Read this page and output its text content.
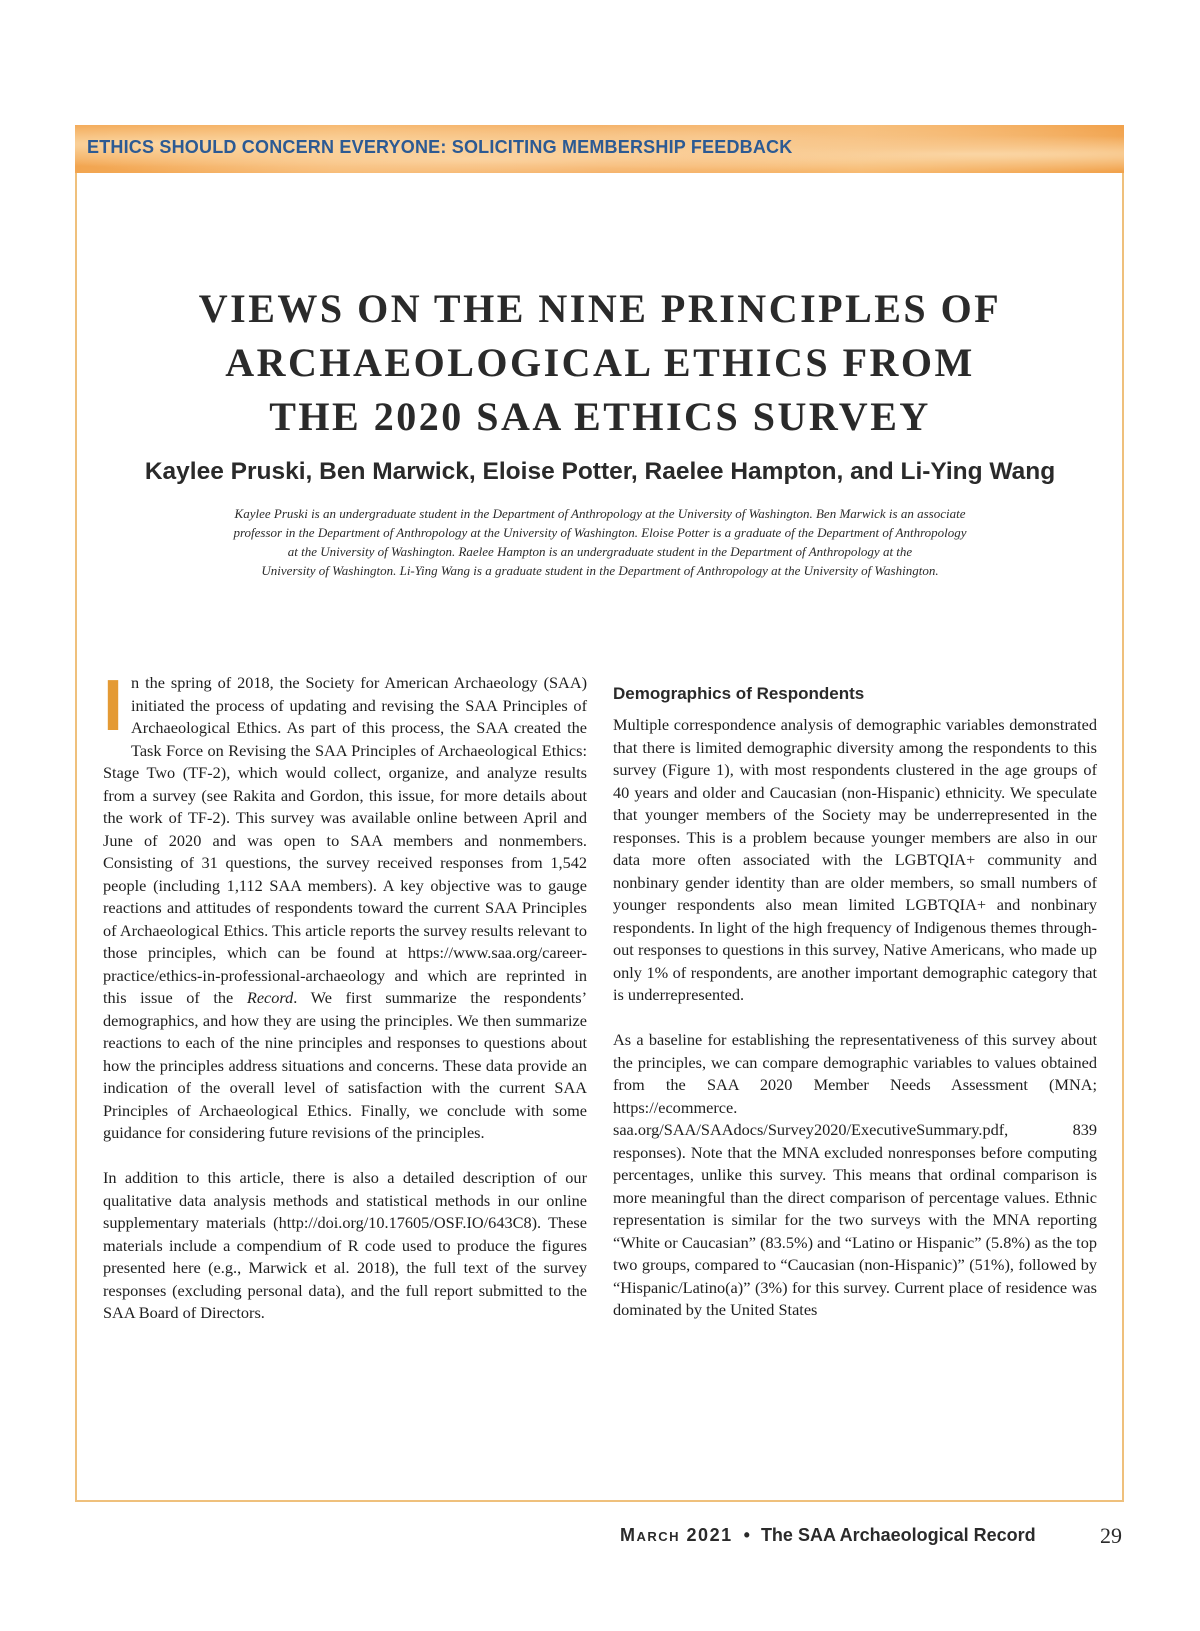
ETHICS SHOULD CONCERN EVERYONE: SOLICITING MEMBERSHIP FEEDBACK
VIEWS ON THE NINE PRINCIPLES OF
ARCHAEOLOGICAL ETHICS FROM
THE 2020 SAA ETHICS SURVEY
Kaylee Pruski, Ben Marwick, Eloise Potter, Raelee Hampton, and Li-Ying Wang
Kaylee Pruski is an undergraduate student in the Department of Anthropology at the University of Washington. Ben Marwick is an associate
professor in the Department of Anthropology at the University of Washington. Eloise Potter is a graduate of the Department of Anthropology
at the University of Washington. Raelee Hampton is an undergraduate student in the Department of Anthropology at the
University of Washington. Li-Ying Wang is a graduate student in the Department of Anthropology at the University of Washington.

In the spring of 2018, the Society for American Archaeology (SAA) initiated the process of updating and revising the SAA Principles of Archaeological Ethics. As part of this process, the SAA created the Task Force on Revising the SAA Principles of Archaeological Ethics: Stage Two (TF-2), which would collect, organize, and analyze results from a survey (see Rakita and Gordon, this issue, for more details about the work of TF-2). This survey was available online between April and June of 2020 and was open to SAA members and nonmembers. Consisting of 31 questions, the survey received responses from 1,542 people (including 1,112 SAA members). A key objective was to gauge reactions and attitudes of respondents toward the current SAA Principles of Archaeological Ethics. This article reports the survey results relevant to those principles, which can be found at https://www.saa.​org/career-practice/ethics-in-professional-archaeology and which are reprinted in this issue of the Record. We first summarize the respondents’ demographics, and how they are using the principles. We then summarize reactions to each of the nine principles and responses to questions about how the principles address situations and concerns. These data provide an indication of the overall level of satisfaction with the current SAA Principles of Archaeological Ethics. Finally, we conclude with some guidance for considering future revisions of the principles.

In addition to this article, there is also a detailed description of our qualitative data analysis methods and statistical methods in our online supplementary materials (http://​doi.org/10.17605/OSF.IO/643C8). These materials include a compendium of R code used to produce the figures presented here (e.g., Marwick et al. 2018), the full text of the survey responses (excluding personal data), and the full report submitted to the SAA Board of Directors.

Demographics of Respondents

Multiple correspondence analysis of demographic variables demonstrated that there is limited demographic diversity among the respondents to this survey (Figure 1), with most respondents clustered in the age groups of 40 years and older and Caucasian (non-Hispanic) ethnicity. We speculate that younger members of the Society may be underrepresented in the responses. This is a problem because younger members are also in our data more often associated with the LGBTQIA+ community and nonbinary gender identity than are older members, so small numbers of younger respondents also mean limited LGBTQIA+ and nonbinary respondents. In light of the high frequency of Indigenous themes throughout responses to questions in this survey, Native Americans, who made up only 1% of respondents, are another important demographic category that is underrepresented.

As a baseline for establishing the representativeness of this survey about the principles, we can compare demographic variables to values obtained from the SAA 2020 Member Needs Assessment (MNA; https://ecommerce.​saa.org/SAA/SAAdocs/Survey2020/ExecutiveSummary.​pdf, 839 responses). Note that the MNA excluded nonresponses before computing percentages, unlike this survey. This means that ordinal comparison is more meaningful than the direct comparison of percentage values. Ethnic representation is similar for the two surveys with the MNA reporting “White or Caucasian” (83.5%) and “Latino or Hispanic” (5.8%) as the top two groups, compared to “Caucasian (non-Hispanic)” (51%), followed by “Hispanic/Latino(a)” (3%) for this survey. Current place of residence was dominated by the United States

March 2021 • The SAA Archaeological Record	29
